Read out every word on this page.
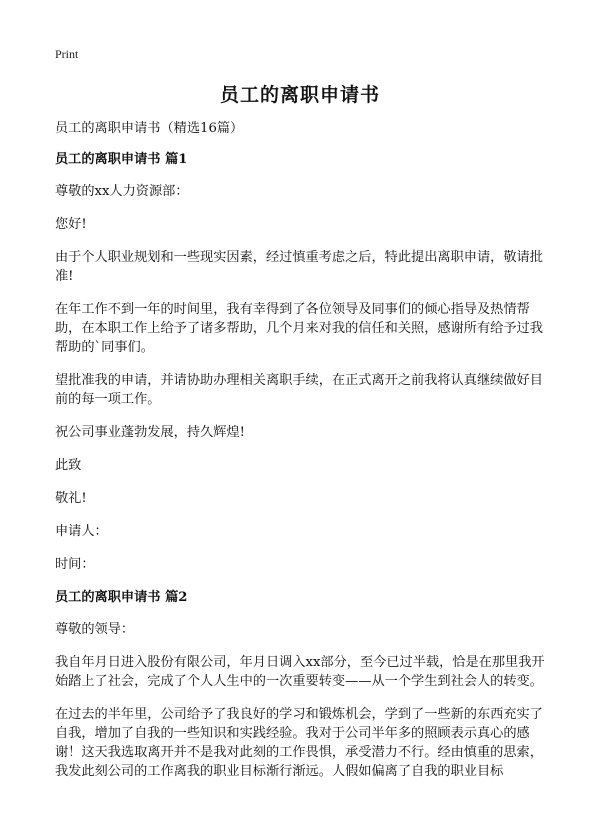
Print
员工的离职申请书

员工的离职申请书（精选16篇）

员工的离职申请书 篇1

尊敬的xx人力资源部：

您好!

由于个人职业规划和一些现实因素，经过慎重考虑之后，特此提出离职申请，敬请批准!

在年工作不到一年的时间里，我有幸得到了各位领导及同事们的倾心指导及热情帮助，在本职工作上给予了诸多帮助，几个月来对我的信任和关照，感谢所有给予过我帮助的`同事们。

望批准我的申请，并请协助办理相关离职手续，在正式离开之前我将认真继续做好目前的每一项工作。

祝公司事业蓬勃发展，持久辉煌!

此致

敬礼!

申请人：

时间：

员工的离职申请书 篇2

尊敬的领导：

我自年月日进入股份有限公司，年月日调入xx部分，至今已过半载，恰是在那里我开始踏上了社会，完成了个人人生中的一次重要转变——从一个学生到社会人的转变。

在过去的半年里，公司给予了我良好的学习和锻炼机会，学到了一些新的东西充实了自我，增加了自我的一些知识和实践经验。我对于公司半年多的照顾表示真心的感谢！这天我选取离开并不是我对此刻的工作畏惧，承受潜力不行。经由慎重的思索，我发此刻公司的工作离我的职业目标渐行渐远。人假如偏离了自我的职业目标
